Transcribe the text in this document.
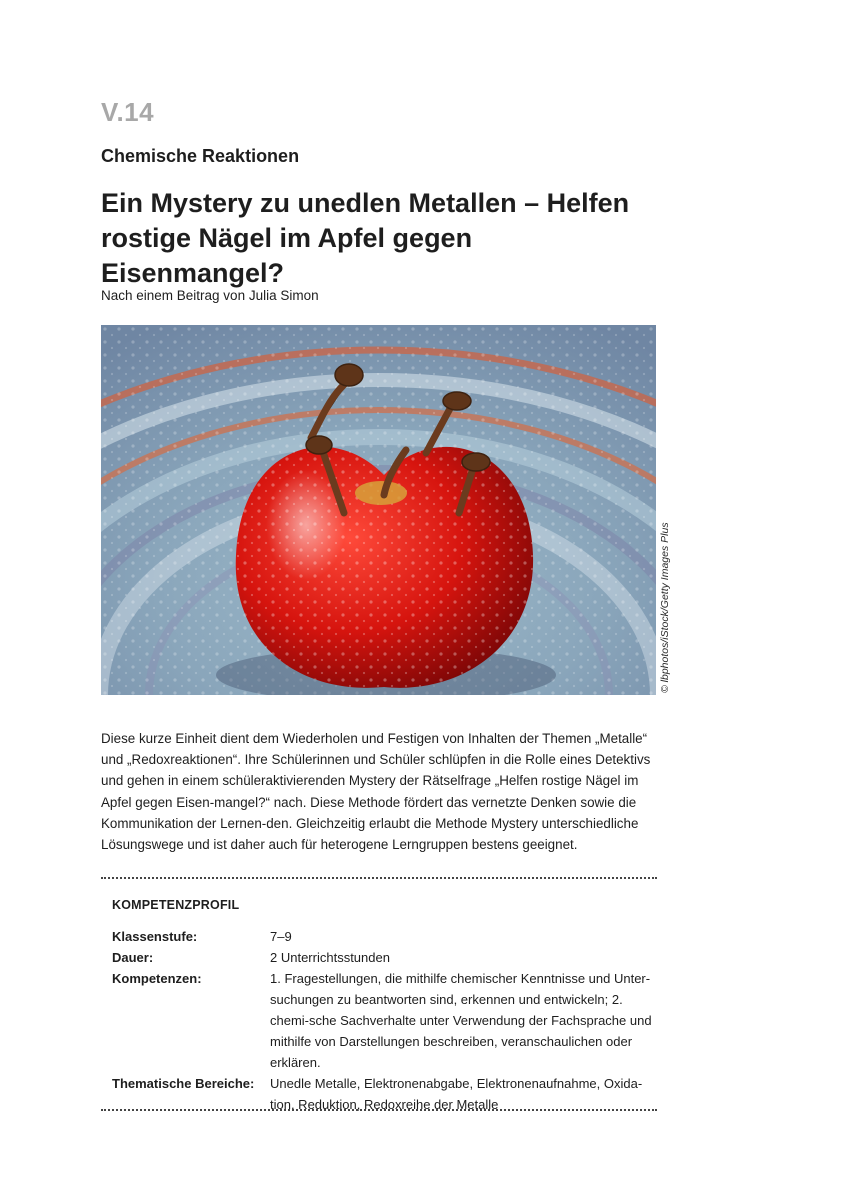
V.14
Chemische Reaktionen
Ein Mystery zu unedlen Metallen – Helfen rostige Nägel im Apfel gegen Eisenmangel?
Nach einem Beitrag von Julia Simon
© lbphotos/iStock/Getty Images Plus

Diese kurze Einheit dient dem Wiederholen und Festigen von Inhalten der Themen „Metalle“ und „Redoxreaktionen“. Ihre Schülerinnen und Schüler schlüpfen in die Rolle eines Detektivs und gehen in einem schüleraktivierenden Mystery der Rätselfrage „Helfen rostige Nägel im Apfel gegen Eisen-mangel?“ nach. Diese Methode fördert das vernetzte Denken sowie die Kommunikation der Lernen-den. Gleichzeitig erlaubt die Methode Mystery unterschiedliche Lösungswege und ist daher auch für heterogene Lerngruppen bestens geeignet.

KOMPETENZPROFIL
Klassenstufe:	7–9
Dauer:	2 Unterrichtsstunden
Kompetenzen:	1. Fragestellungen, die mithilfe chemischer Kenntnisse und Unter-suchungen zu beantworten sind, erkennen und entwickeln; 2. chemi-sche Sachverhalte unter Verwendung der Fachsprache und mithilfe von Darstellungen beschreiben, veranschaulichen oder erklären.
Thematische Bereiche:	Unedle Metalle, Elektronenabgabe, Elektronenaufnahme, Oxida-tion, Reduktion, Redoxreihe der Metalle
